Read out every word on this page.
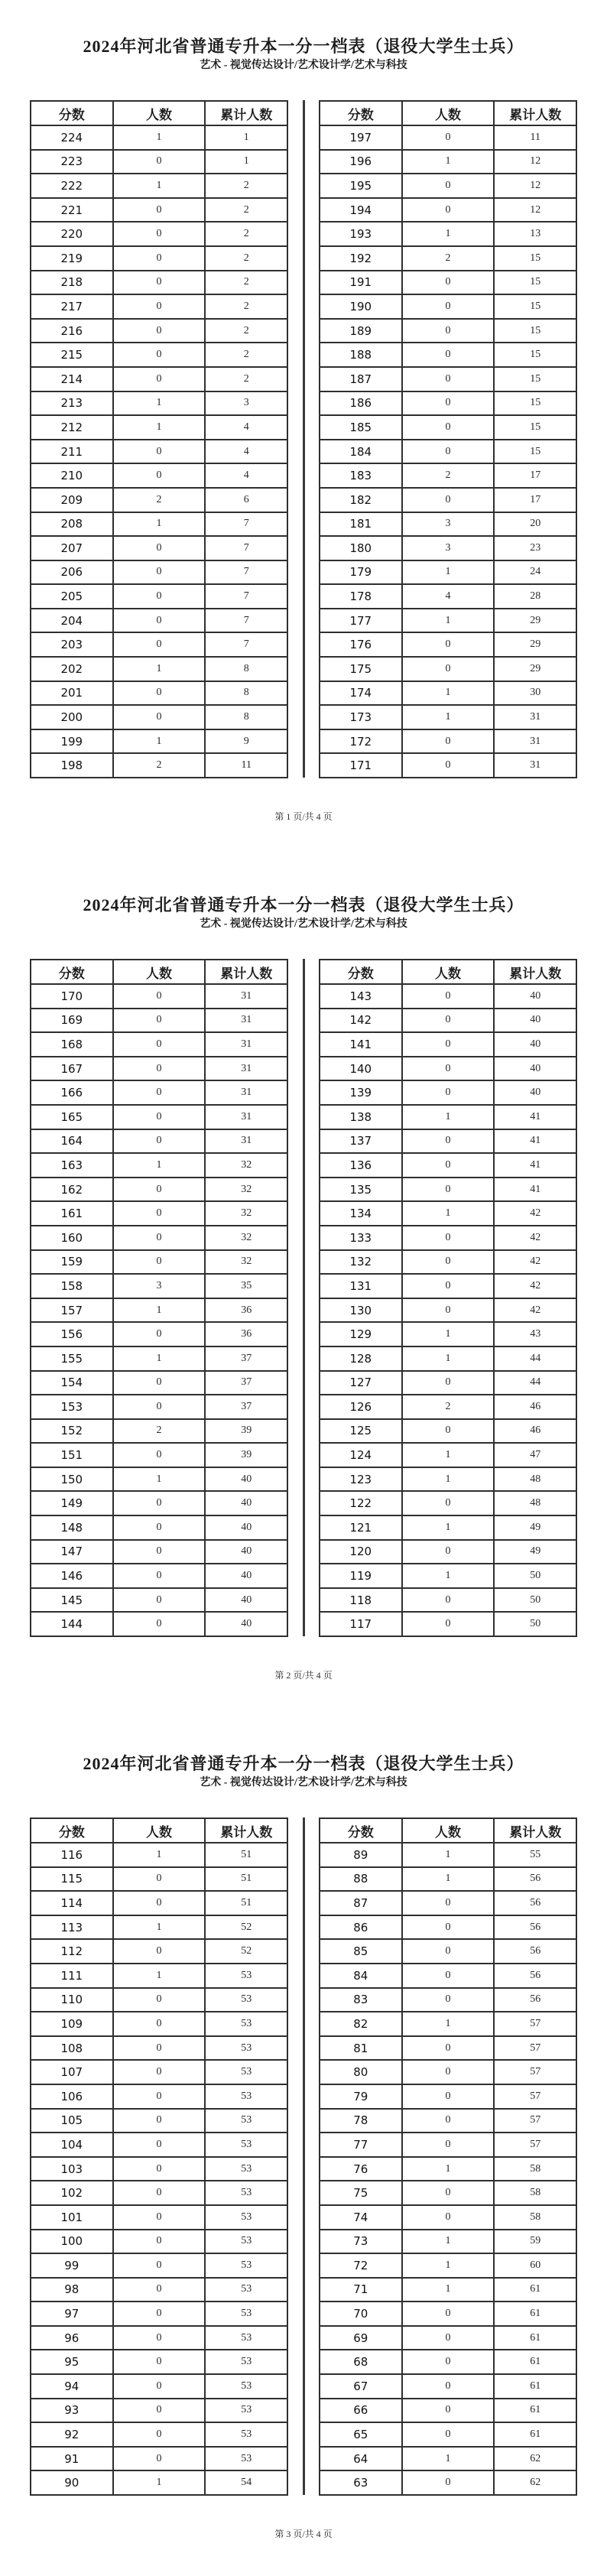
2024年河北省普通专升本一分一档表（退役大学生士兵）
艺术 - 视觉传达设计/艺术设计学/艺术与科技
分数	人数	累计人数
224	1	1
223	0	1
222	1	2
221	0	2
220	0	2
219	0	2
218	0	2
217	0	2
216	0	2
215	0	2
214	0	2
213	1	3
212	1	4
211	0	4
210	0	4
209	2	6
208	1	7
207	0	7
206	0	7
205	0	7
204	0	7
203	0	7
202	1	8
201	0	8
200	0	8
199	1	9
198	2	11
分数	人数	累计人数
197	0	11
196	1	12
195	0	12
194	0	12
193	1	13
192	2	15
191	0	15
190	0	15
189	0	15
188	0	15
187	0	15
186	0	15
185	0	15
184	0	15
183	2	17
182	0	17
181	3	20
180	3	23
179	1	24
178	4	28
177	1	29
176	0	29
175	0	29
174	1	30
173	1	31
172	0	31
171	0	31
第 1 页/共 4 页
2024年河北省普通专升本一分一档表（退役大学生士兵）
艺术 - 视觉传达设计/艺术设计学/艺术与科技
分数	人数	累计人数
170	0	31
169	0	31
168	0	31
167	0	31
166	0	31
165	0	31
164	0	31
163	1	32
162	0	32
161	0	32
160	0	32
159	0	32
158	3	35
157	1	36
156	0	36
155	1	37
154	0	37
153	0	37
152	2	39
151	0	39
150	1	40
149	0	40
148	0	40
147	0	40
146	0	40
145	0	40
144	0	40
分数	人数	累计人数
143	0	40
142	0	40
141	0	40
140	0	40
139	0	40
138	1	41
137	0	41
136	0	41
135	0	41
134	1	42
133	0	42
132	0	42
131	0	42
130	0	42
129	1	43
128	1	44
127	0	44
126	2	46
125	0	46
124	1	47
123	1	48
122	0	48
121	1	49
120	0	49
119	1	50
118	0	50
117	0	50
第 2 页/共 4 页
2024年河北省普通专升本一分一档表（退役大学生士兵）
艺术 - 视觉传达设计/艺术设计学/艺术与科技
分数	人数	累计人数
116	1	51
115	0	51
114	0	51
113	1	52
112	0	52
111	1	53
110	0	53
109	0	53
108	0	53
107	0	53
106	0	53
105	0	53
104	0	53
103	0	53
102	0	53
101	0	53
100	0	53
99	0	53
98	0	53
97	0	53
96	0	53
95	0	53
94	0	53
93	0	53
92	0	53
91	0	53
90	1	54
分数	人数	累计人数
89	1	55
88	1	56
87	0	56
86	0	56
85	0	56
84	0	56
83	0	56
82	1	57
81	0	57
80	0	57
79	0	57
78	0	57
77	0	57
76	1	58
75	0	58
74	0	58
73	1	59
72	1	60
71	1	61
70	0	61
69	0	61
68	0	61
67	0	61
66	0	61
65	0	61
64	1	62
63	0	62
第 3 页/共 4 页
